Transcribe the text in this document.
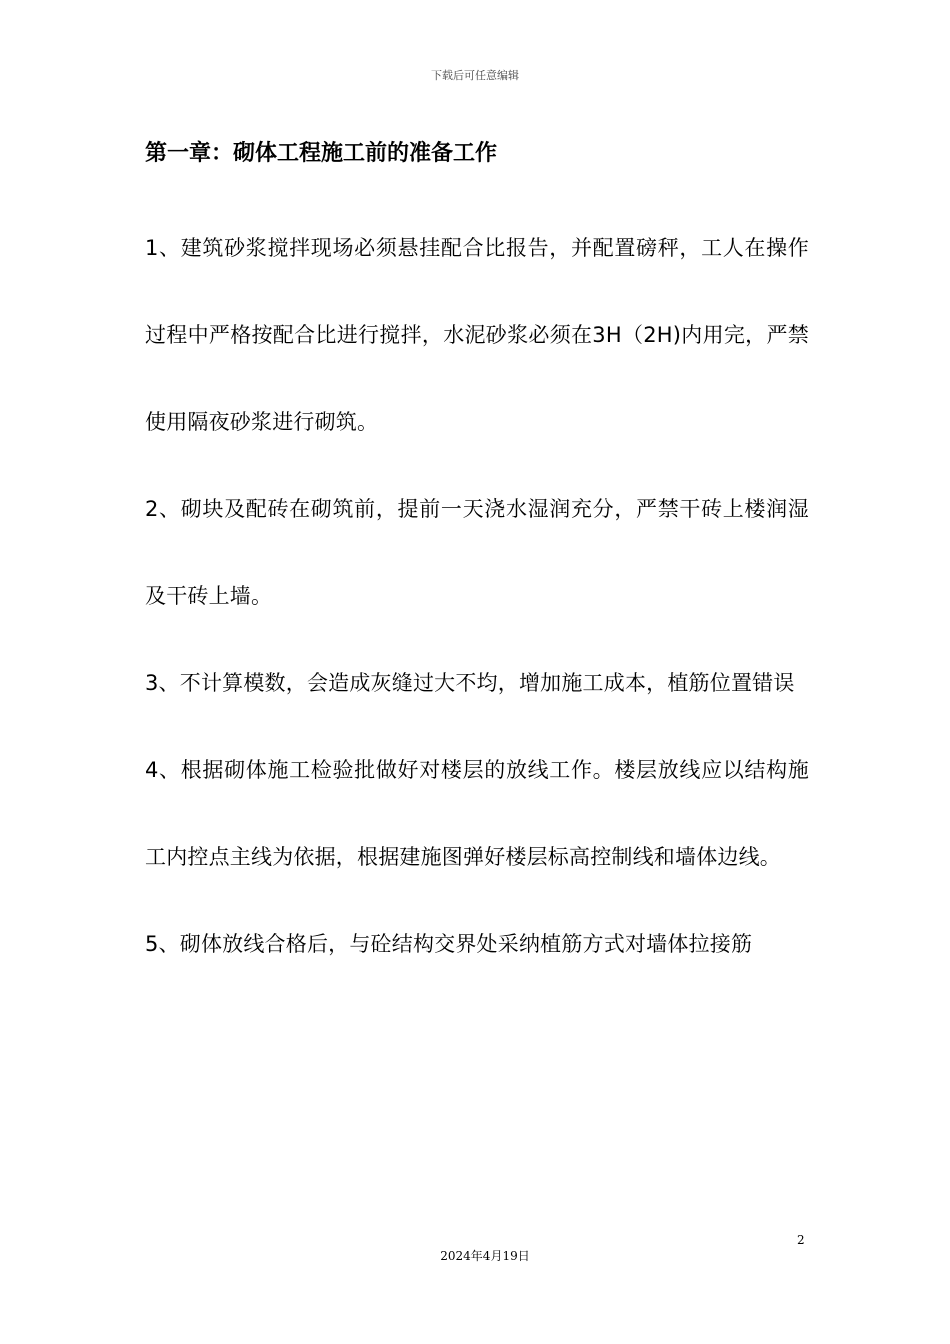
下载后可任意编辑
第一章：砌体工程施工前的准备工作

1、建筑砂浆搅拌现场必须悬挂配合比报告，并配置磅秤，工人在操作过程中严格按配合比进行搅拌，水泥砂浆必须在3H（2H)内用完，严禁使用隔夜砂浆进行砌筑。

2、砌块及配砖在砌筑前，提前一天浇水湿润充分，严禁干砖上楼润湿及干砖上墙。

3、不计算模数，会造成灰缝过大不均，增加施工成本，植筋位置错误

4、根据砌体施工检验批做好对楼层的放线工作。楼层放线应以结构施工内控点主线为依据，根据建施图弹好楼层标高控制线和墙体边线。

5、砌体放线合格后，与砼结构交界处采纳植筋方式对墙体拉接筋

2
2024年4月19日
